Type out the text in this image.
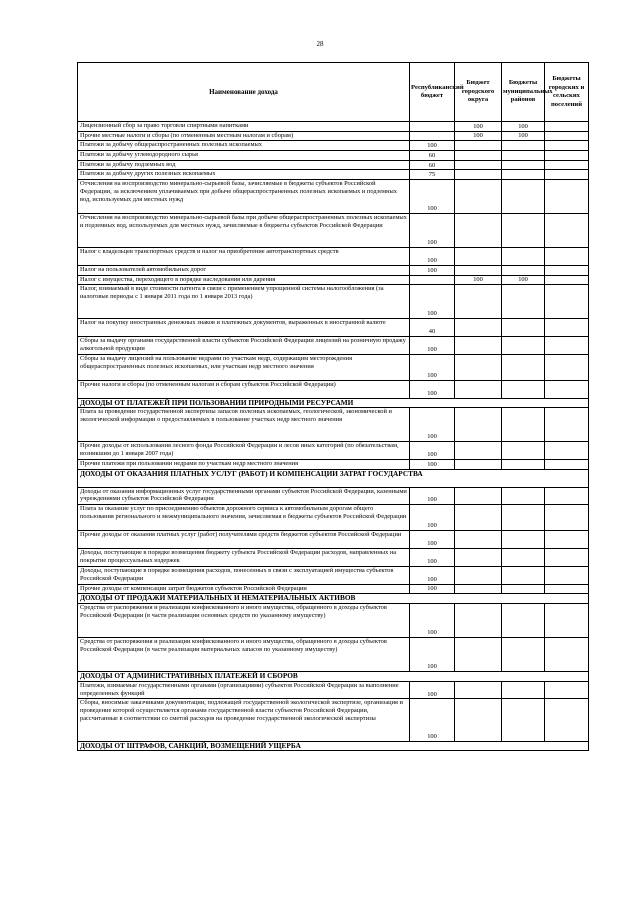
28
Наименование дохода	Республиканский бюджет	Бюджет городского округа	Бюджеты муниципальных районов	Бюджеты городских и сельских поселений
Лицензионный сбор за право торговли спиртными напитками		100	100	
Прочие местные налоги и сборы (по отмененным местным налогам и сборам)		100	100	
Платежи за добычу общераспространенных полезных ископаемых	100			
Платежи за добычу углеводородного сырья	60			
Платежи за добычу подземных вод	60			
Платежи за добычу других полезных ископаемых	75			
Отчисления на воспроизводство минерально-сырьевой базы, зачисляемые в бюджеты субъектов Российской Федерации, за исключением уплачиваемых при добыче общераспространенных полезных ископаемых и подземных вод, используемых для местных нужд	100			
Отчисления на воспроизводство минерально-сырьевой базы при добыче общераспространенных полезных ископаемых и подземных вод, используемых для местных нужд, зачисляемые в бюджеты субъектов Российской Федерации	100			
Налог с владельцев транспортных средств и налог на приобретение автотранспортных средств	100			
Налог на пользователей автомобильных дорог	100			
Налог с имущества, переходящего в порядке наследования или дарения		100	100	
Налог, взимаемый в виде стоимости патента в связи с применением упрощенной системы налогообложения (за налоговые периоды с 1 января 2011 года по 1 января 2013 года)	100			
Налог на покупку иностранных денежных знаков и платежных документов, выраженных в иностранной валюте	40			
Сборы за выдачу органами государственной власти субъектов Российской Федерации лицензий на розничную продажу алкогольной продукции	100			
Сборы за выдачу лицензий на пользование недрами по участкам недр, содержащим месторождения общераспространенных полезных ископаемых, или участкам недр местного значения	100			
Прочие налоги и сборы (по отмененным налогам и сборам субъектов Российской Федерации)	100			
ДОХОДЫ ОТ ПЛАТЕЖЕЙ ПРИ ПОЛЬЗОВАНИИ ПРИРОДНЫМИ РЕСУРСАМИ				
Плата за проведение государственной экспертизы запасов полезных ископаемых, геологической, экономической и экологической информации о предоставляемых в пользование участках недр местного значения	100			
Прочие доходы от использования лесного фонда Российской Федерации и лесов иных категорий (по обязательствам, возникшим до 1 января 2007 года)	100			
Прочие платежи при пользовании недрами по участкам недр местного значения	100			
ДОХОДЫ ОТ ОКАЗАНИЯ ПЛАТНЫХ УСЛУГ (РАБОТ) И КОМПЕНСАЦИИ ЗАТРАТ ГОСУДАРСТВА				
Доходы от оказания информационных услуг государственными органами субъектов Российской Федерации, казенными учреждениями субъектов Российской Федерации	100			
Плата за оказание услуг по присоединению объектов дорожного сервиса к автомобильным дорогам общего пользования регионального и межмуниципального значения, зачисляемая в бюджеты субъектов Российской Федерации	100			
Прочие доходы от оказания платных услуг (работ) получателями средств бюджетов субъектов Российской Федерации	100			
Доходы, поступающие в порядке возмещения бюджету субъекта Российской Федерации расходов, направленных на покрытие процессуальных издержек	100			
Доходы, поступающие в порядке возмещения расходов, понесенных в связи с эксплуатацией имущества субъектов Российской Федерации	100			
Прочие доходы от компенсации затрат бюджетов субъектов Российской Федерации	100			
ДОХОДЫ ОТ ПРОДАЖИ МАТЕРИАЛЬНЫХ И НЕМАТЕРИАЛЬНЫХ АКТИВОВ				
Средства от распоряжения и реализации конфискованного и иного имущества, обращенного в доходы субъектов Российской Федерации (в части реализации основных средств по указанному имуществу)	100			
Средства от распоряжения и реализации конфискованного и иного имущества, обращенного в доходы субъектов Российской Федерации (в части реализации материальных запасов по указанному имуществу)	100			
ДОХОДЫ ОТ АДМИНИСТРАТИВНЫХ ПЛАТЕЖЕЙ И СБОРОВ				
Платежи, взимаемые государственными органами (организациями) субъектов Российской Федерации за выполнение определенных функций	100			
Сборы, вносимые заказчиками документации, подлежащей государственной экологической экспертизе, организация и проведение которой осуществляется органами государственной власти субъектов Российской Федерации, рассчитанные в соответствии со сметой расходов на проведение государственной экологической экспертизы	100			
ДОХОДЫ ОТ ШТРАФОВ, САНКЦИЙ, ВОЗМЕЩЕНИЙ УЩЕРБА				
